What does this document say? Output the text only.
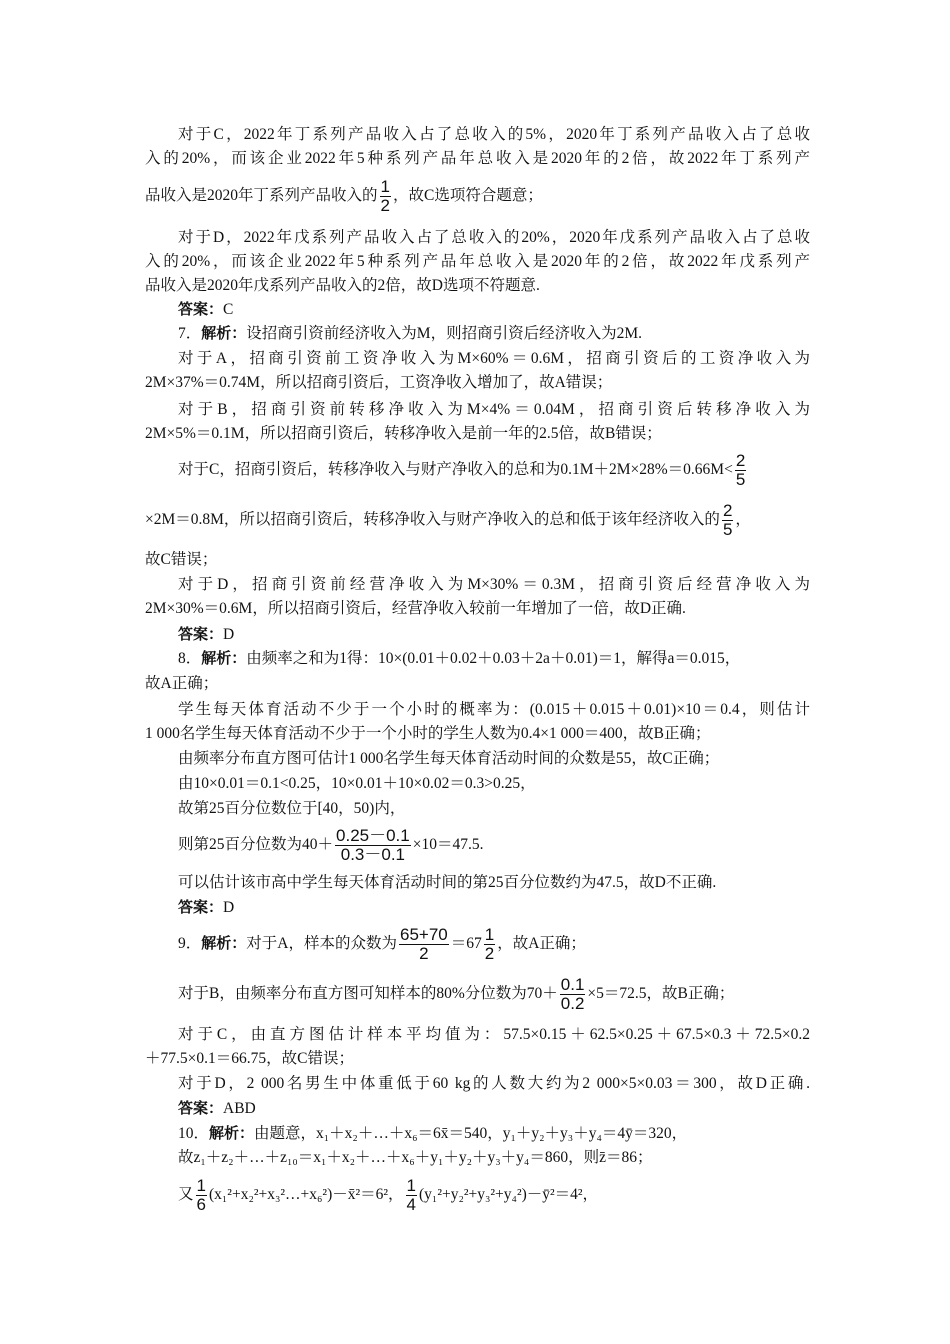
对于C，2022年丁系列产品收入占了总收入的5%，2020年丁系列产品收入占了总收
入的20%，而该企业2022年5种系列产品年总收入是2020年的2倍，故2022年丁系列产
品收入是2020年丁系列产品收入的 $\frac{1}{2}$ ，故C选项符合题意；
对于D，2022年戊系列产品收入占了总收入的20%，2020年戊系列产品收入占了总收
入的20%，而该企业2022年5种系列产品年总收入是2020年的2倍，故2022年戊系列产
品收入是2020年戊系列产品收入的2倍，故D选项不符题意.
答案：C
7．解析：设招商引资前经济收入为M，则招商引资后经济收入为2M.
对于A，招商引资前工资净收入为M×60%＝0.6M，招商引资后的工资净收入为
2M×37%＝0.74M，所以招商引资后，工资净收入增加了，故A错误；
对于B，招商引资前转移净收入为M×4%＝0.04M，招商引资后转移净收入为
2M×5%＝0.1M，所以招商引资后，转移净收入是前一年的2.5倍，故B错误；
对于C，招商引资后，转移净收入与财产净收入的总和为$0.1M+2M\times 28\%=0.66M< \frac{2}{5}$
×2M＝0.8M，所以招商引资后，转移净收入与财产净收入的总和低于该年经济收入的 $\frac{2}{5}$ ，
故C错误；
对于D，招商引资前经营净收入为M×30%＝0.3M，招商引资后经营净收入为
2M×30%＝0.6M，所以招商引资后，经营净收入较前一年增加了一倍，故D正确.
答案：D
8．解析：由频率之和为1得：10×(0.01＋0.02＋0.03＋2a＋0.01)＝1，解得a＝0.015，
故A正确；
学生每天体育活动不少于一个小时的概率为：(0.015＋0.015＋0.01)×10＝0.4，则估计
1 000名学生每天体育活动不少于一个小时的学生人数为0.4×1 000＝400，故B正确；
由频率分布直方图可估计1 000名学生每天体育活动时间的众数是55，故C正确；
由10×0.01＝0.1<0.25，10×0.01＋10×0.02＝0.3>0.25，
故第25百分位数位于[40，50)内，
则第25百分位数为$40+ \frac{0.25-0.1}{0.3-0.1} \times 10=47.5$.
可以估计该市高中学生每天体育活动时间的第25百分位数约为47.5，故D不正确.
答案：D
9．解析：对于A，样本的众数为 $\frac{65+70}{2} =67 \frac{1}{2}$ ，故A正确；
对于B，由频率分布直方图可知样本的80%分位数为$70+ \frac{0.1}{0.2} \times 5=72.5$，故B正确；
对于C，由直方图估计样本平均值为：57.5×0.15＋62.5×0.25＋67.5×0.3＋72.5×0.2
＋77.5×0.1＝66.75，故C错误；
对于D，2 000名男生中体重低于60 kg的人数大约为2 000×5×0.03＝300，故D正确.
答案：ABD
10．解析：由题意，x₁＋x₂＋…＋x₆＝6x̄＝540，y₁＋y₂＋y₃＋y₄＝4ȳ＝320，
故z₁＋z₂＋…＋z₁₀＝x₁＋x₂＋…＋x₆＋y₁＋y₂＋y₃＋y₄＝860，则z̄＝86；
又 $\frac{1}{6}$ (x₁²+x₂²+x₃²…+x₆²)－x̄²＝6²， $\frac{1}{4}$ (y₁²+y₂²+y₃²+y₄²)－ȳ²＝4²，
